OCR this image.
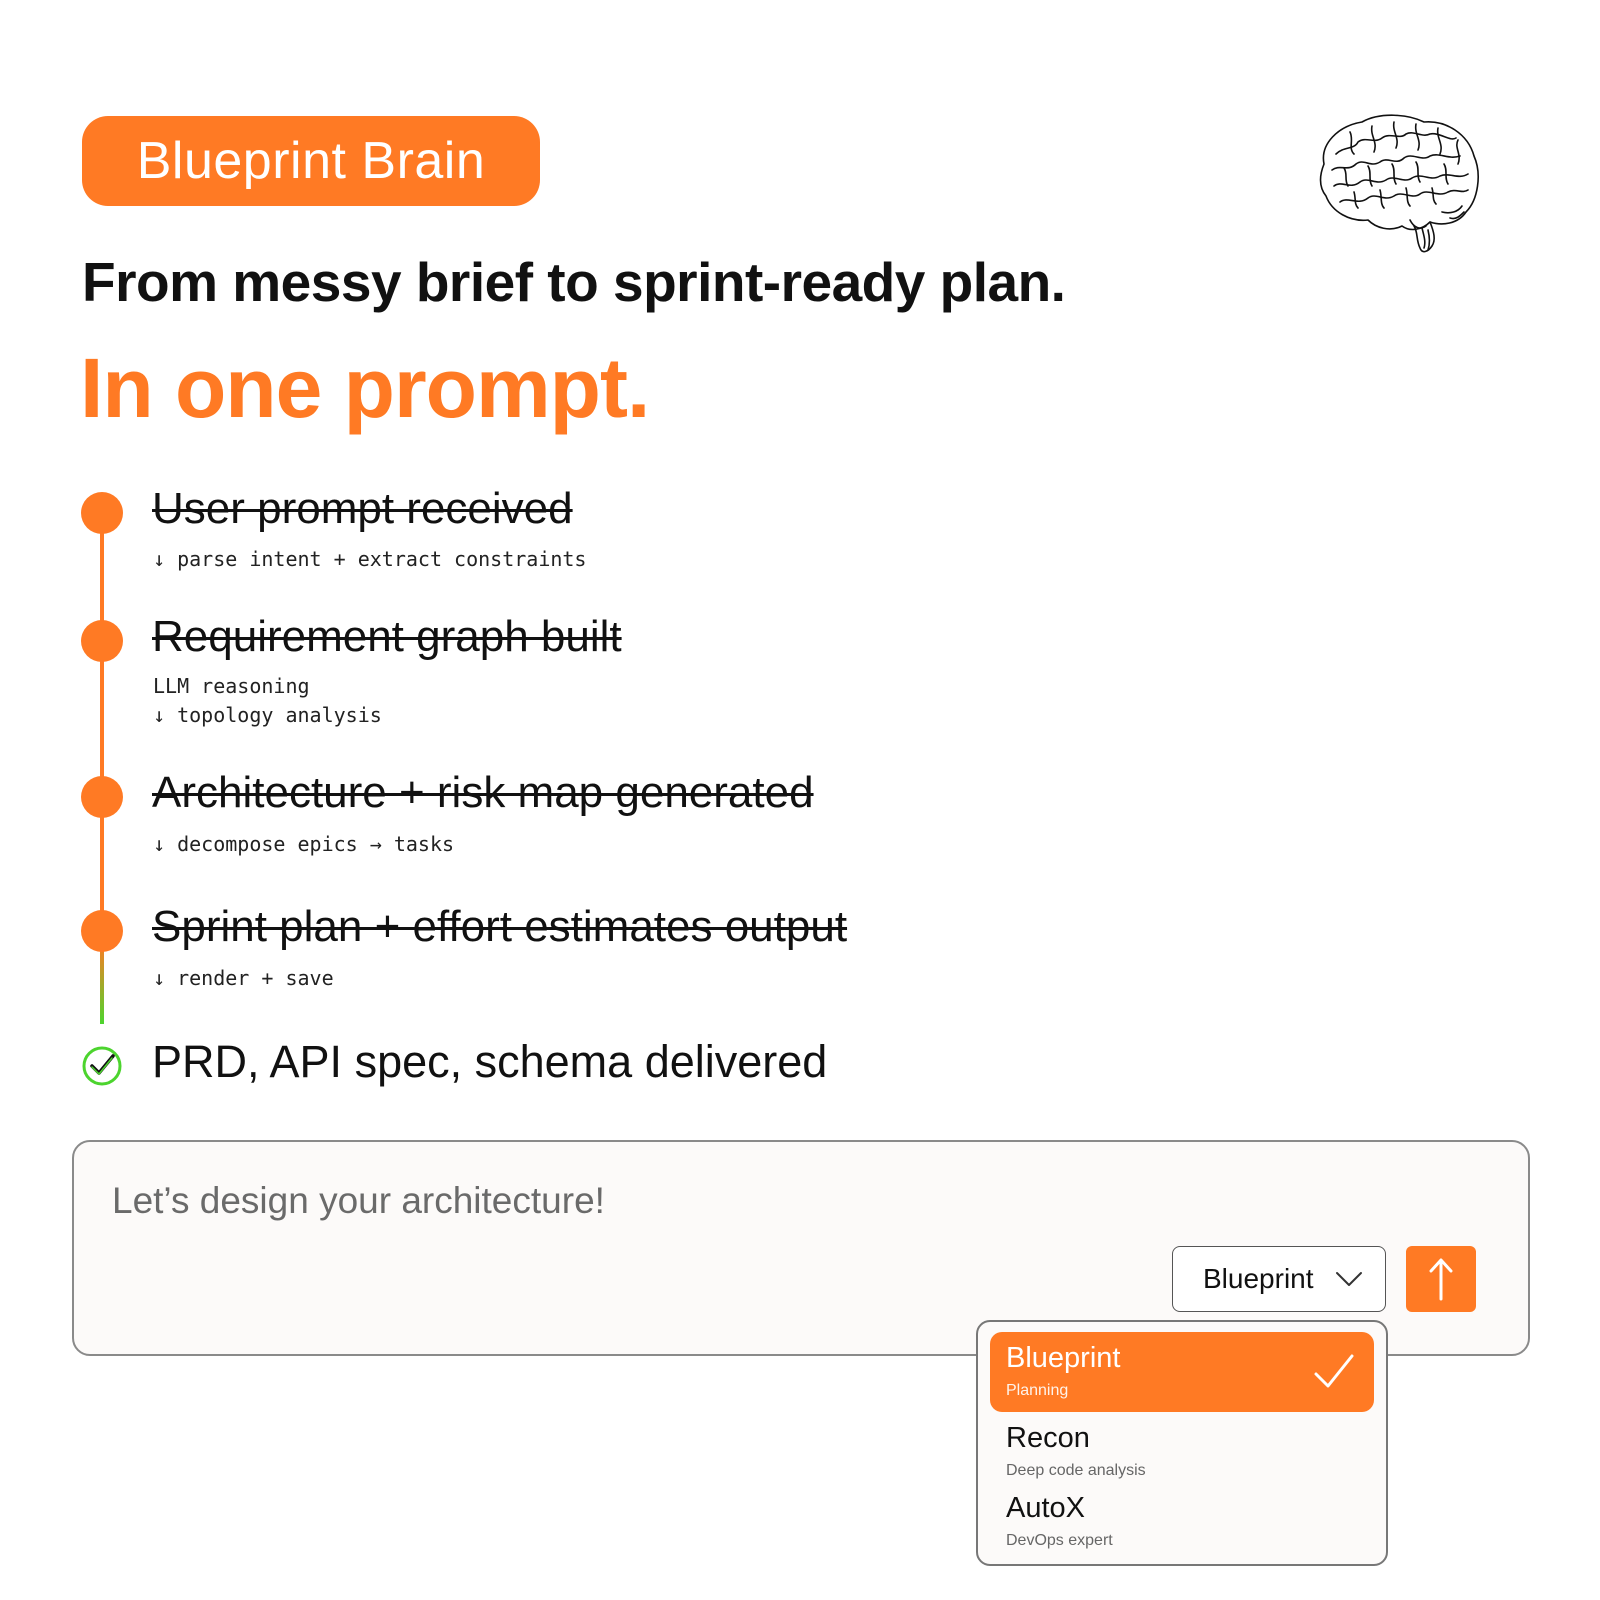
Blueprint Brain
From messy brief to sprint-ready plan.
In one prompt.
User prompt received
↓ parse intent + extract constraints
Requirement graph built
LLM reasoning
↓ topology analysis
Architecture + risk map generated
↓ decompose epics → tasks
Sprint plan + effort estimates output
↓ render + save
PRD, API spec, schema delivered
Let’s design your architecture!
Blueprint
Blueprint
Planning
Recon
Deep code analysis
AutoX
DevOps expert
